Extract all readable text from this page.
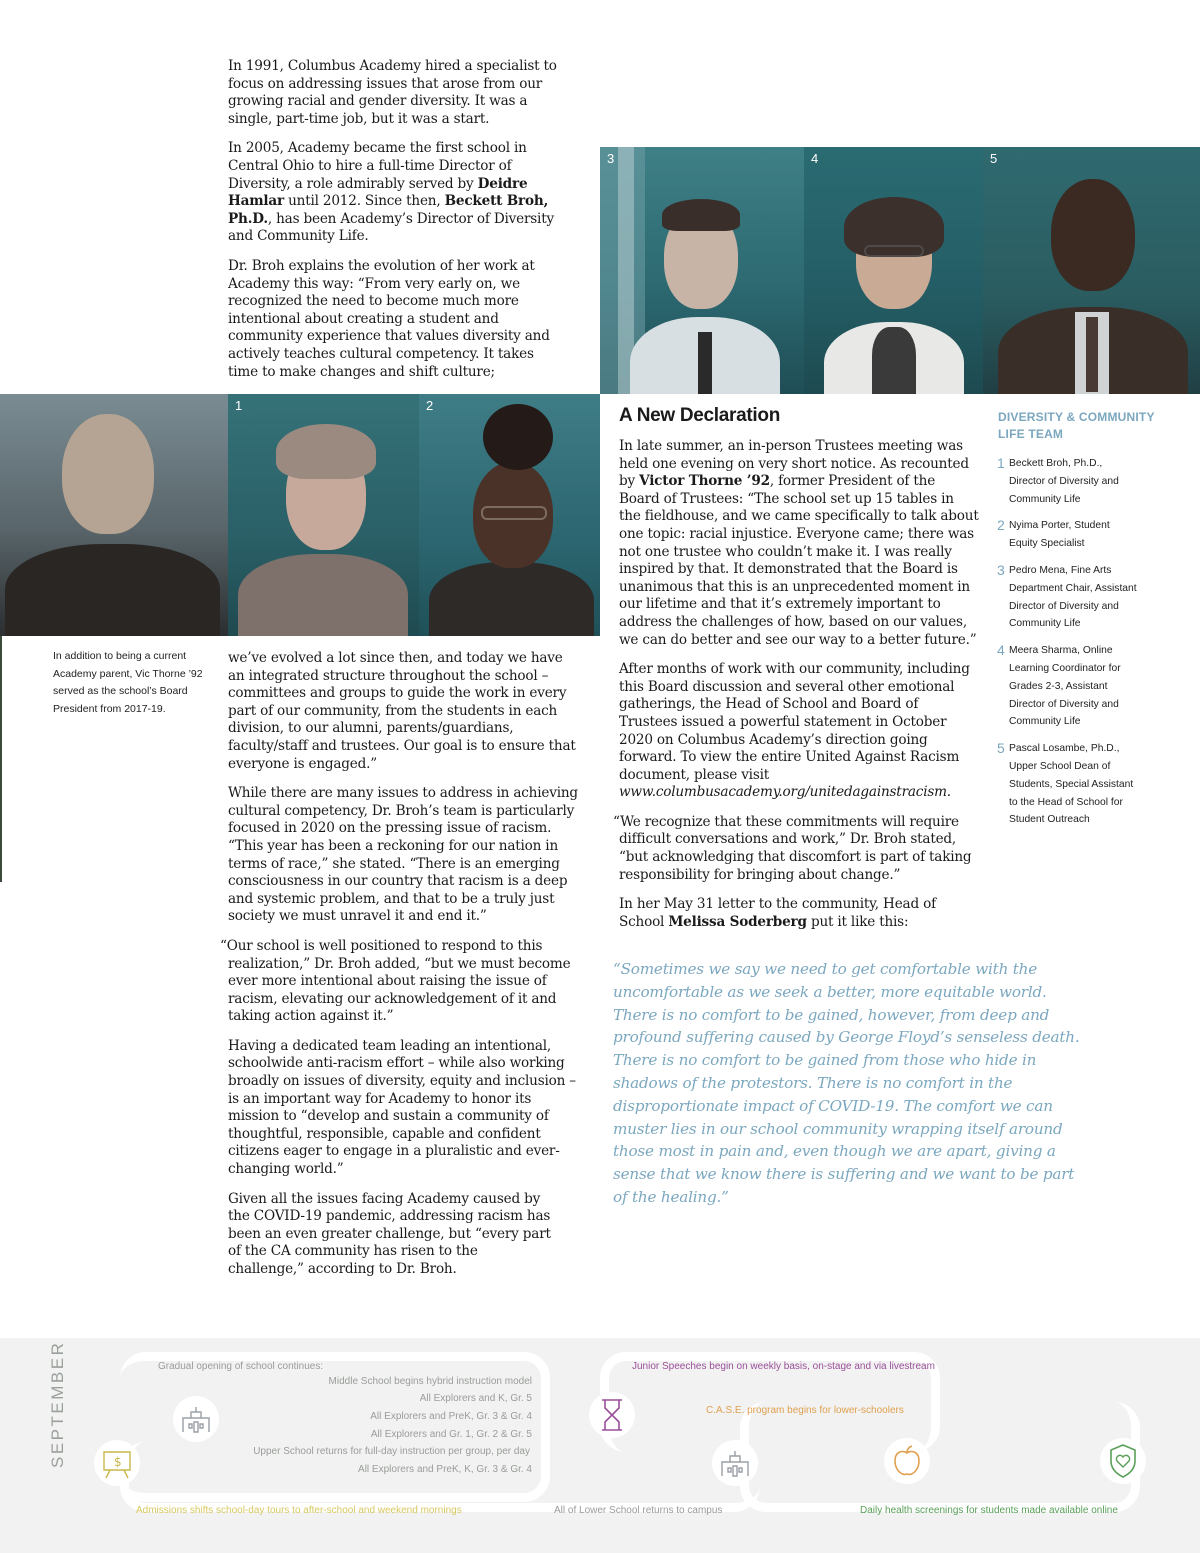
In 1991, Columbus Academy hired a specialist to focus on addressing issues that arose from our growing racial and gender diversity. It was a single, part-time job, but it was a start.

In 2005, Academy became the first school in Central Ohio to hire a full-time Director of Diversity, a role admirably served by Deidre Hamlar until 2012. Since then, Beckett Broh, Ph.D., has been Academy’s Director of Diversity and Community Life.

Dr. Broh explains the evolution of her work at Academy this way: “From very early on, we recognized the need to become much more intentional about creating a student and community experience that values diversity and actively teaches cultural competency. It takes time to make changes and shift culture;

3	4	5
1	2
In addition to being a current Academy parent, Vic Thorne ’92 served as the school’s Board President from 2017-19.

we’ve evolved a lot since then, and today we have an integrated structure throughout the school – committees and groups to guide the work in every part of our community, from the students in each division, to our alumni, parents/guardians, faculty/staff and trustees. Our goal is to ensure that everyone is engaged.”

While there are many issues to address in achieving cultural competency, Dr. Broh’s team is particularly focused in 2020 on the pressing issue of racism. “This year has been a reckoning for our nation in terms of race,” she stated. “There is an emerging consciousness in our country that racism is a deep and systemic problem, and that to be a truly just society we must unravel it and end it.”

“Our school is well positioned to respond to this realization,” Dr. Broh added, “but we must become ever more intentional about raising the issue of racism, elevating our acknowledgement of it and taking action against it.”

Having a dedicated team leading an intentional, schoolwide anti-racism effort – while also working broadly on issues of diversity, equity and inclusion – is an important way for Academy to honor its mission to “develop and sustain a community of thoughtful, responsible, capable and confident citizens eager to engage in a pluralistic and ever-changing world.”

Given all the issues facing Academy caused by the COVID-19 pandemic, addressing racism has been an even greater challenge, but “every part of the CA community has risen to the challenge,” according to Dr. Broh.

A New Declaration

In late summer, an in-person Trustees meeting was held one evening on very short notice. As recounted by Victor Thorne ’92, former President of the Board of Trustees: “The school set up 15 tables in the fieldhouse, and we came specifically to talk about one topic: racial injustice. Everyone came; there was not one trustee who couldn’t make it. I was really inspired by that. It demonstrated that the Board is unanimous that this is an unprecedented moment in our lifetime and that it’s extremely important to address the challenges of how, based on our values, we can do better and see our way to a better future.”

After months of work with our community, including this Board discussion and several other emotional gatherings, the Head of School and Board of Trustees issued a powerful statement in October 2020 on Columbus Academy’s direction going forward. To view the entire United Against Racism document, please visit www.columbusacademy.org/unitedagainstracism.

“We recognize that these commitments will require difficult conversations and work,” Dr. Broh stated, “but acknowledging that discomfort is part of taking responsibility for bringing about change.”

In her May 31 letter to the community, Head of School Melissa Soderberg put it like this:

“Sometimes we say we need to get comfortable with the uncomfortable as we seek a better, more equitable world. There is no comfort to be gained, however, from deep and profound suffering caused by George Floyd’s senseless death. There is no comfort to be gained from those who hide in shadows of the protestors. There is no comfort in the disproportionate impact of COVID-19. The comfort we can muster lies in our school community wrapping itself around those most in pain and, even though we are apart, giving a sense that we know there is suffering and we want to be part of the healing.”
DIVERSITY & COMMUNITY LIFE TEAM
1 Beckett Broh, Ph.D., Director of Diversity and Community Life
2 Nyima Porter, Student Equity Specialist
3 Pedro Mena, Fine Arts Department Chair, Assistant Director of Diversity and Community Life
4 Meera Sharma, Online Learning Coordinator for Grades 2-3, Assistant Director of Diversity and Community Life
5 Pascal Losambe, Ph.D., Upper School Dean of Students, Special Assistant to the Head of School for Student Outreach
SEPTEMBER	Gradual opening of school continues:
Middle School begins hybrid instruction model
All Explorers and K, Gr. 5
All Explorers and PreK, Gr. 3 & Gr. 4
All Explorers and Gr. 1, Gr. 2 & Gr. 5
Upper School returns for full-day instruction per group, per day
All Explorers and PreK, K, Gr. 3 & Gr. 4
Admissions shifts school-day tours to after-school and weekend mornings	All of Lower School returns to campus
Junior Speeches begin on weekly basis, on-stage and via livestream
C.A.S.E. program begins for lower-schoolers
Daily health screenings for students made available online
$
